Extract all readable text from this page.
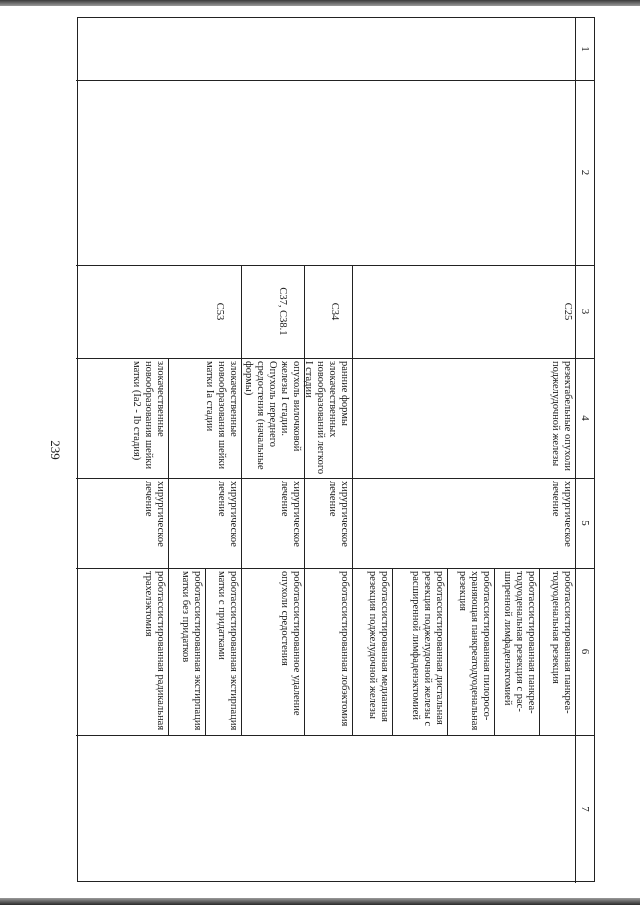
239
1
2
3
4
5
6
7
C25
резектабельные опухоли поджелудочной железы
хирургическое лечение
роботассистированная панкреатодуоденальная резекция
роботассистированная панкреатодуоденальная резекция с расширенной лимфаденэктомией
роботассистированная пилоросохраняющая панкреатодуоденальная резекция
роботассистированная дистальная резекция поджелудочной железы с расширенной лимфаденэктомией
роботассистированная медианная резекция поджелудочной железы
C34
ранние формы злокачественных новообразований легкого I стадии
хирургическое лечение
роботассистированная лобэктомия
C37, C38.1
опухоль вилочковой железы I стадии. Опухоль переднего средостения (начальные формы)
хирургическое лечение
роботассистированное удаление опухоли средостения
C53
злокачественные новообразования шейки матки Ia стадии
хирургическое лечение
роботассистированная экстирпация матки с придатками
роботассистированная экстирпация матки без придатков
злокачественные новообразования шейки матки (Ia2 - Ib стадия)
хирургическое лечение
роботассистированная радикальная трахелэктомия
